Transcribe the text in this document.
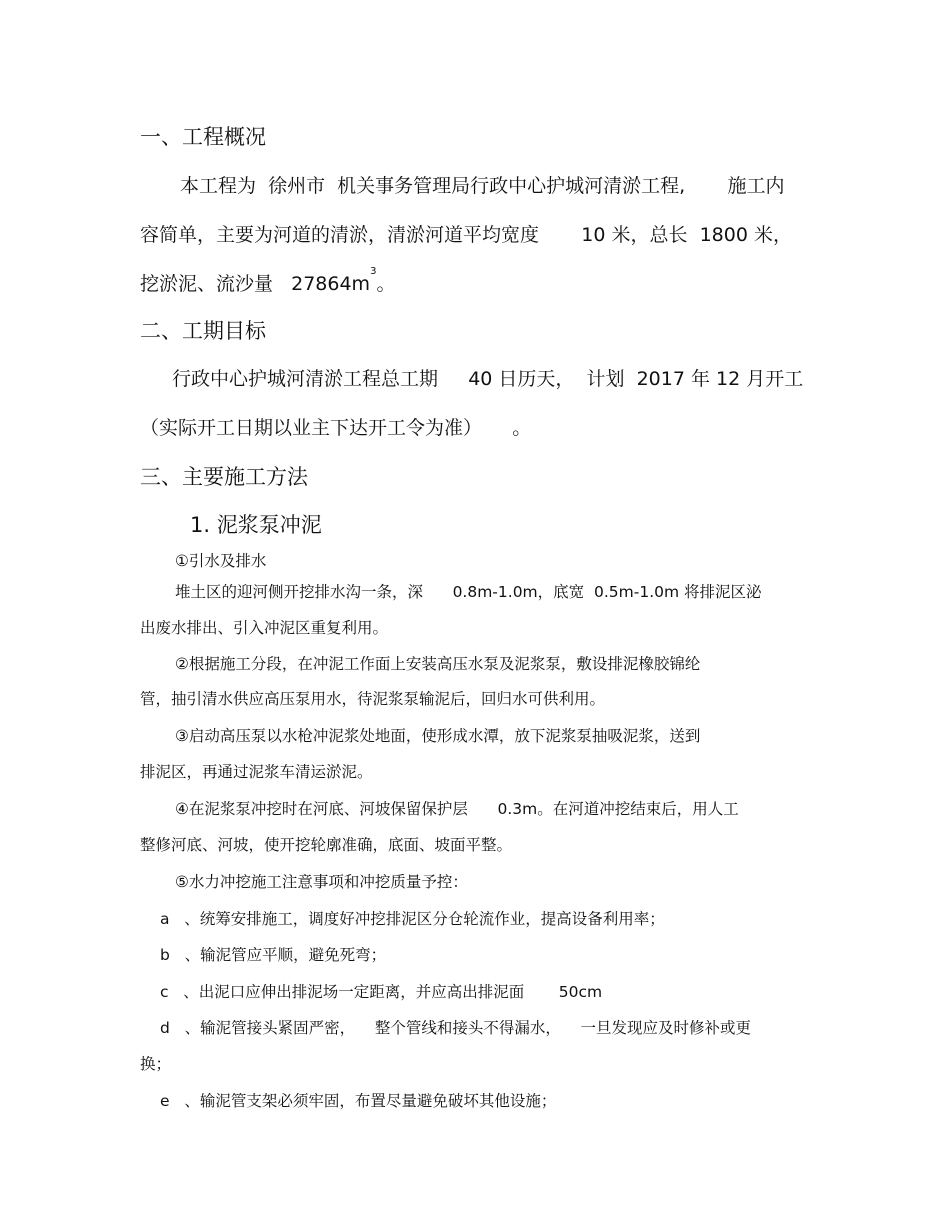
一、工程概况
本工程为  徐州市  机关事务管理局行政中心护城河清淤工程,       施工内
容简单，主要为河道的清淤，清淤河道平均宽度       10 米，总长  1800 米，
挖淤泥、流沙量   $27864m^3$。
二、工期目标
行政中心护城河清淤工程总工期     40 日历天，  计划  2017 年 12 月开工
（实际开工日期以业主下达开工令为准）     。
三、主要施工方法
1. 泥浆泵冲泥
①引水及排水
堆土区的迎河侧开挖排水沟一条，深      0.8m-1.0m，底宽  0.5m-1.0m 将排泥区泌
出废水排出、引入冲泥区重复利用。
②根据施工分段，在冲泥工作面上安装高压水泵及泥浆泵，敷设排泥橡胶锦纶
管，抽引清水供应高压泵用水，待泥浆泵输泥后，回归水可供利用。
③启动高压泵以水枪冲泥浆处地面，使形成水潭，放下泥浆泵抽吸泥浆，送到
排泥区，再通过泥浆车清运淤泥。
④在泥浆泵冲挖时在河底、河坡保留保护层      0.3m。在河道冲挖结束后，用人工
整修河底、河坡，使开挖轮廓准确，底面、坡面平整。
⑤水力冲挖施工注意事项和冲挖质量予控：
a   、统筹安排施工，调度好冲挖排泥区分仓轮流作业，提高设备利用率；
b   、输泥管应平顺，避免死弯；
c   、出泥口应伸出排泥场一定距离，并应高出排泥面       50cm
d   、输泥管接头紧固严密，    整个管线和接头不得漏水，    一旦发现应及时修补或更
换；
e   、输泥管支架必须牢固，布置尽量避免破坏其他设施；
